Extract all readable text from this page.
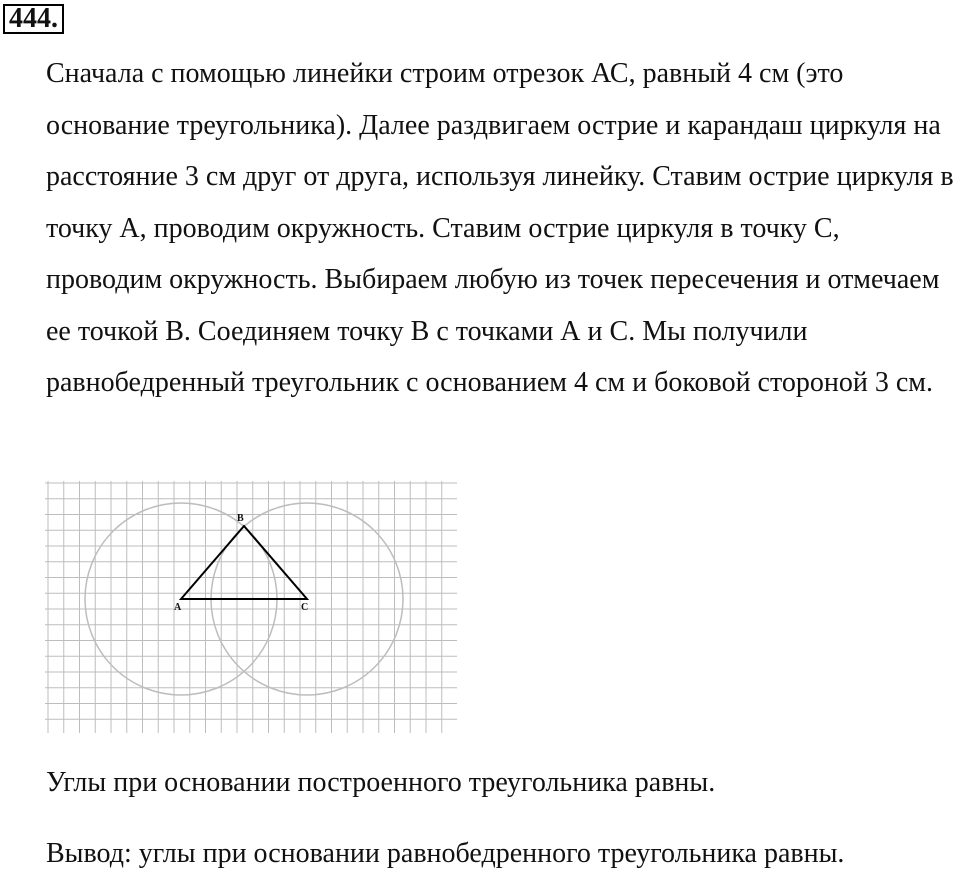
444.

Сначала с помощью линейки строим отрезок АС, равный 4 см (это основание треугольника). Далее раздвигаем острие и карандаш циркуля на расстояние 3 см друг от друга, используя линейку. Ставим острие циркуля в точку А, проводим окружность. Ставим острие циркуля в точку С, проводим окружность. Выбираем любую из точек пересечения и отмечаем ее точкой В. Соединяем точку В с точками А и С. Мы получили равнобедренный треугольник с основанием 4 см и боковой стороной 3 см.

A
B
C

Углы при основании построенного треугольника равны.

Вывод: углы при основании равнобедренного треугольника равны.
